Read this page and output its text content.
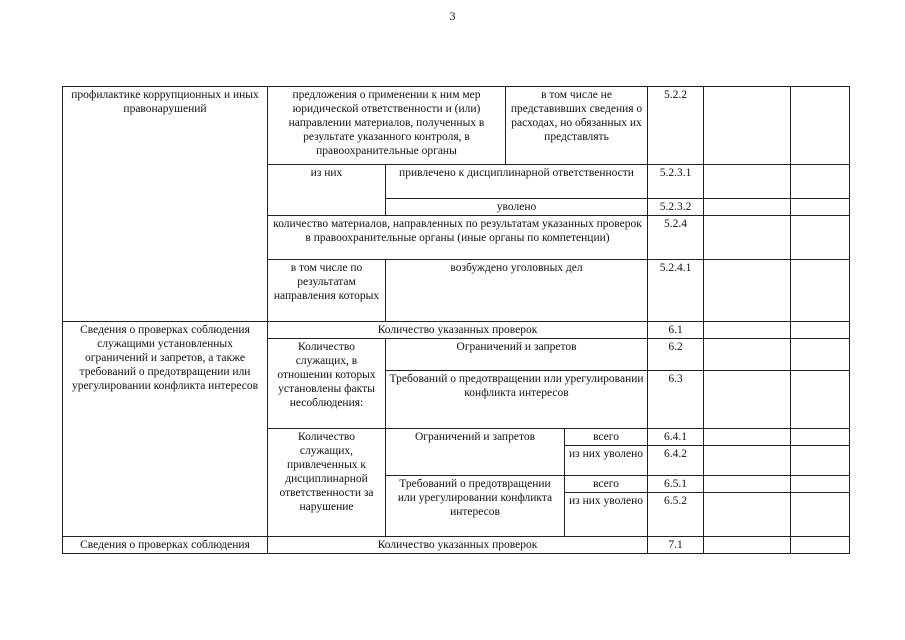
3
профилактике коррупционных и иных правонарушений	предложения о применении к ним мер юридической ответственности и (или) направлении материалов, полученных в результате указанного контроля, в правоохранительные органы		в том числе не представивших сведения о расходах, но обязанных их представлять		5.2.2		
	из них	привлечено к дисциплинарной ответственности			5.2.3.1		
		уволено			5.2.3.2		
	количество материалов, направленных по результатам указанных проверок в правоохранительные органы (иные органы по компетенции)				5.2.4		
	в том числе по результатам направления которых	возбуждено уголовных дел			5.2.4.1		
Сведения о проверках соблюдения служащими установленных ограничений и запретов, а также требований о предотвращении или урегулировании конфликта интересов	Количество указанных проверок				6.1		
	Количество служащих, в отношении которых установлены факты несоблюдения:	Ограничений и запретов			6.2		
		Требований о предотвращении или урегулировании конфликта интересов			6.3		
	Количество служащих, привлеченных к дисциплинарной ответственности за нарушение	Ограничений и запретов		всего	6.4.1		
				из них уволено	6.4.2		
		Требований о предотвращении или урегулировании конфликта интересов		всего	6.5.1		
				из них уволено	6.5.2		
Сведения о проверках соблюдения	Количество указанных проверок				7.1		
